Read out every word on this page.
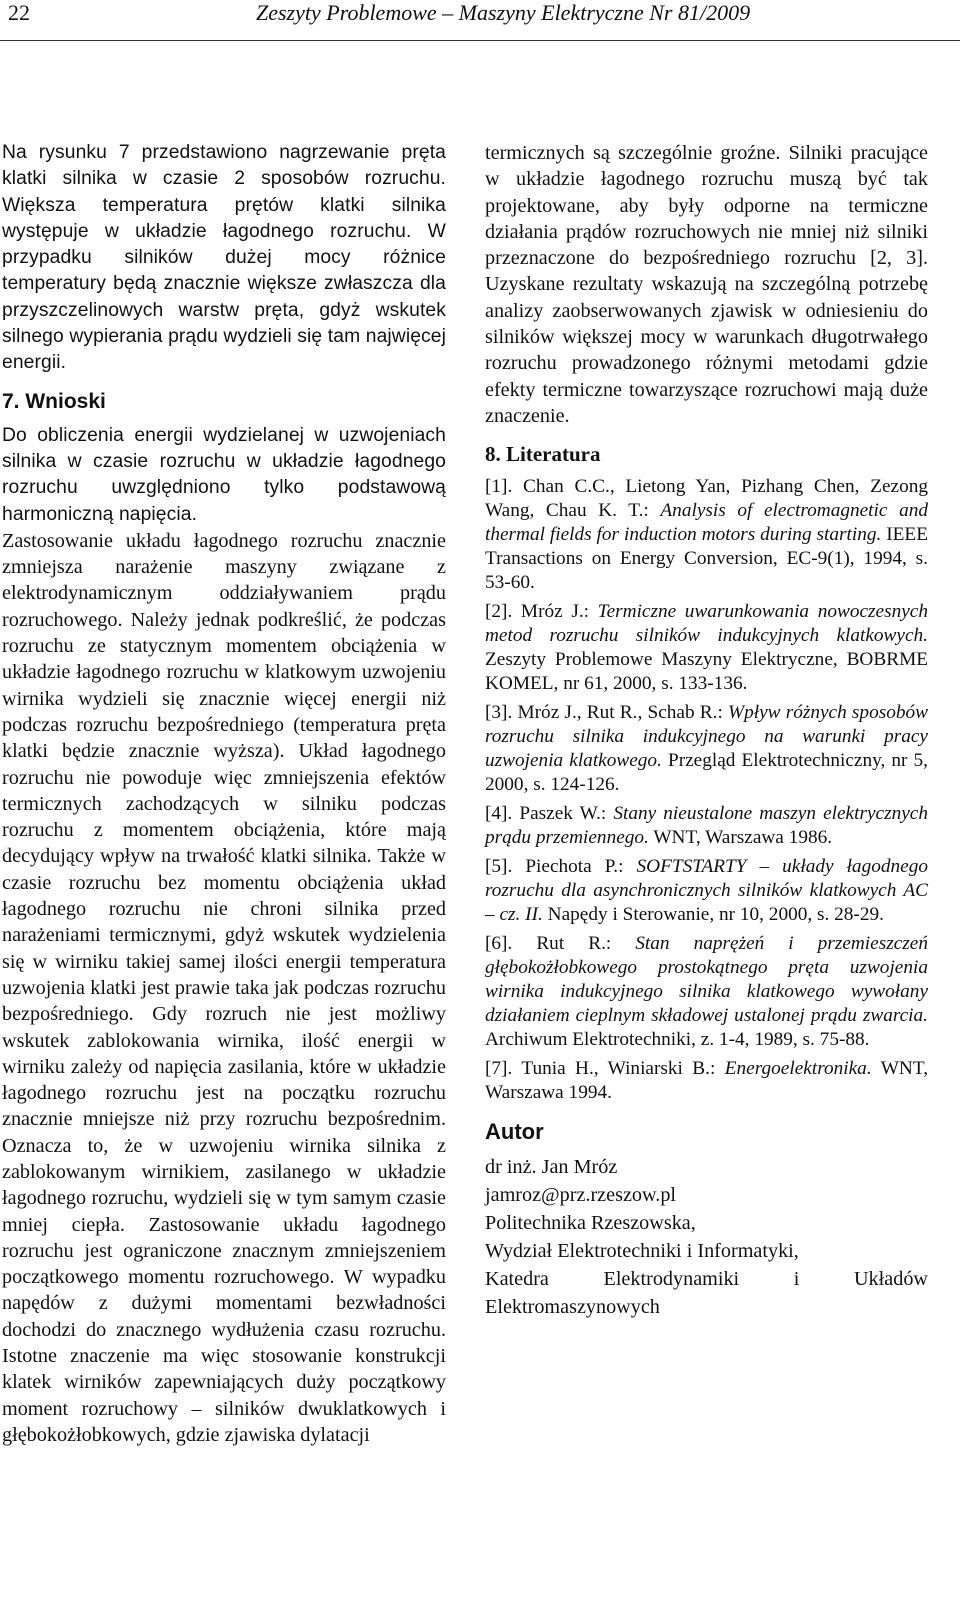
22	Zeszyty Problemowe – Maszyny Elektryczne Nr 81/2009

Na rysunku 7 przedstawiono nagrzewanie pręta klatki silnika w czasie 2 sposobów rozruchu. Większa temperatura prętów klatki silnika występuje w układzie łagodnego rozruchu. W przypadku silników dużej mocy różnice temperatury będą znacznie większe zwłaszcza dla przyszczelinowych warstw pręta, gdyż wskutek silnego wypierania prądu wydzieli się tam najwięcej energii.

7. Wnioski

Do obliczenia energii wydzielanej w uzwojeniach silnika w czasie rozruchu w układzie łagodnego rozruchu uwzględniono tylko podstawową harmoniczną napięcia.

Zastosowanie układu łagodnego rozruchu znacznie zmniejsza narażenie maszyny związane z elektrodynamicznym oddziaływaniem prądu rozruchowego. Należy jednak podkreślić, że podczas rozruchu ze statycznym momentem obciążenia w układzie łagodnego rozruchu w klatkowym uzwojeniu wirnika wydzieli się znacznie więcej energii niż podczas rozruchu bezpośredniego (temperatura pręta klatki będzie znacznie wyższa). Układ łagodnego rozruchu nie powoduje więc zmniejszenia efektów termicznych zachodzących w silniku podczas rozruchu z momentem obciążenia, które mają decydujący wpływ na trwałość klatki silnika. Także w czasie rozruchu bez momentu obciążenia układ łagodnego rozruchu nie chroni silnika przed narażeniami termicznymi, gdyż wskutek wydzielenia się w wirniku takiej samej ilości energii temperatura uzwojenia klatki jest prawie taka jak podczas rozruchu bezpośredniego. Gdy rozruch nie jest możliwy wskutek zablokowania wirnika, ilość energii w wirniku zależy od napięcia zasilania, które w układzie łagodnego rozruchu jest na początku rozruchu znacznie mniejsze niż przy rozruchu bezpośrednim. Oznacza to, że w uzwojeniu wirnika silnika z zablokowanym wirnikiem, zasilanego w układzie łagodnego rozruchu, wydzieli się w tym samym czasie mniej ciepła. Zastosowanie układu łagodnego rozruchu jest ograniczone znacznym zmniejszeniem początkowego momentu rozruchowego. W wypadku napędów z dużymi momentami bezwładności dochodzi do znacznego wydłużenia czasu rozruchu. Istotne znaczenie ma więc stosowanie konstrukcji klatek wirników zapewniających duży początkowy moment rozruchowy – silników dwuklatkowych i głębokożłobkowych, gdzie zjawiska dylatacji

termicznych są szczególnie groźne. Silniki pracujące w układzie łagodnego rozruchu muszą być tak projektowane, aby były odporne na termiczne działania prądów rozruchowych nie mniej niż silniki przeznaczone do bezpośredniego rozruchu [2, 3]. Uzyskane rezultaty wskazują na szczególną potrzebę analizy zaobserwowanych zjawisk w odniesieniu do silników większej mocy w warunkach długotrwałego rozruchu prowadzonego różnymi metodami gdzie efekty termiczne towarzyszące rozruchowi mają duże znaczenie.

8. Literatura

[1]. Chan C.C., Lietong Yan, Pizhang Chen, Zezong Wang, Chau K. T.: Analysis of electromagnetic and thermal fields for induction motors during starting. IEEE Transactions on Energy Conversion, EC-9(1), 1994, s. 53-60.

[2]. Mróz J.: Termiczne uwarunkowania nowoczesnych metod rozruchu silników indukcyjnych klatkowych. Zeszyty Problemowe Maszyny Elektryczne, BOBRME KOMEL, nr 61, 2000, s. 133-136.

[3]. Mróz J., Rut R., Schab R.: Wpływ różnych sposobów rozruchu silnika indukcyjnego na warunki pracy uzwojenia klatkowego. Przegląd Elektrotechniczny, nr 5, 2000, s. 124-126.

[4]. Paszek W.: Stany nieustalone maszyn elektrycznych prądu przemiennego. WNT, Warszawa 1986.

[5]. Piechota P.: SOFTSTARTY – układy łagodnego rozruchu dla asynchronicznych silników klatkowych AC – cz. II. Napędy i Sterowanie, nr 10, 2000, s. 28-29.

[6]. Rut R.: Stan naprężeń i przemieszczeń głębokożłobkowego prostokątnego pręta uzwojenia wirnika indukcyjnego silnika klatkowego wywołany działaniem cieplnym składowej ustalonej prądu zwarcia. Archiwum Elektrotechniki, z. 1-4, 1989, s. 75-88.

[7]. Tunia H., Winiarski B.: Energoelektronika. WNT, Warszawa 1994.

Autor
dr inż. Jan Mróz
jamroz@prz.rzeszow.pl
Politechnika Rzeszowska,
Wydział Elektrotechniki i Informatyki,
Katedra Elektrodynamiki i Układów Elektromaszynowych
